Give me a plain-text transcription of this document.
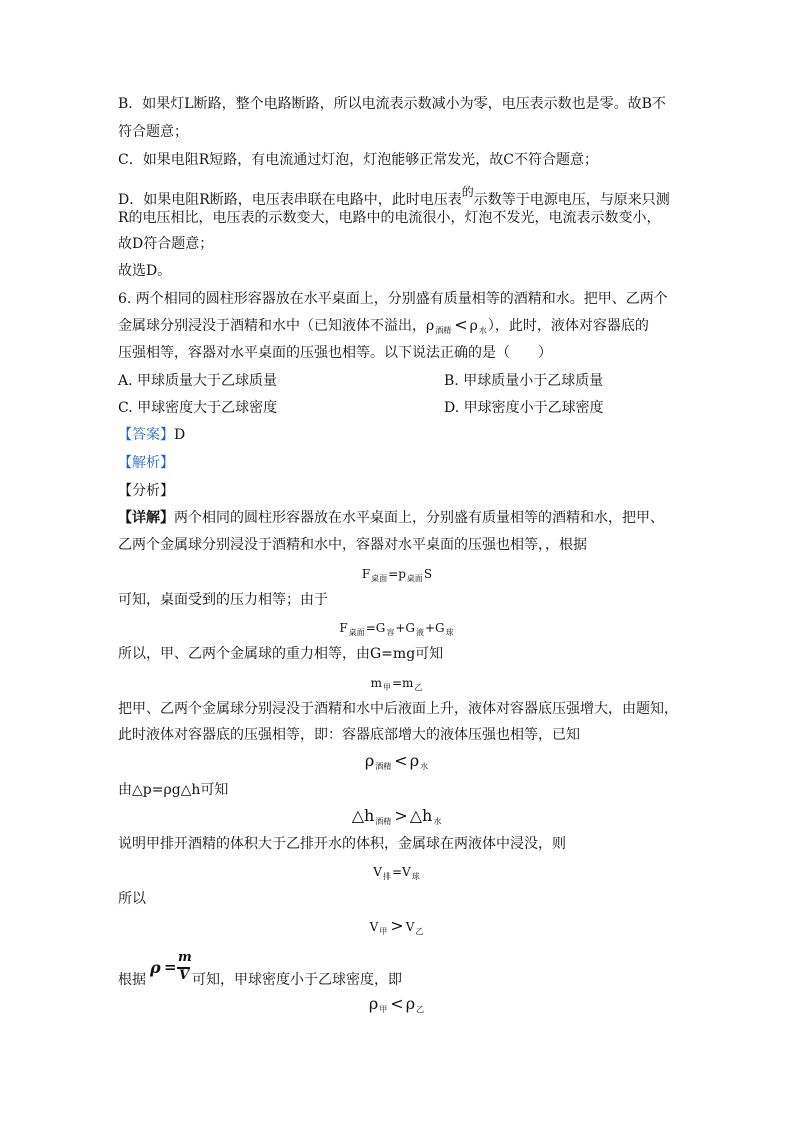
B．如果灯L断路，整个电路断路，所以电流表示数减小为零，电压表示数也是零。故B不
符合题意；
C．如果电阻R短路，有电流通过灯泡，灯泡能够正常发光，故C不符合题意；
D．如果电阻R断路，电压表串联在电路中，此时电压表的示数等于电源电压，与原来只测
R的电压相比，电压表的示数变大，电路中的电流很小，灯泡不发光，电流表示数变小，
故D符合题意；
故选D。
6. 两个相同的圆柱形容器放在水平桌面上，分别盛有质量相等的酒精和水。把甲、乙两个
金属球分别浸没于酒精和水中（已知液体不溢出，$\rho_{酒精} < \rho_水$），此时，液体对容器底的
压强相等，容器对水平桌面的压强也相等。以下说法正确的是（　　）
A. 甲球质量大于乙球质量	B. 甲球质量小于乙球质量
C. 甲球密度大于乙球密度	D. 甲球密度小于乙球密度
【答案】D
【解析】
【分析】
【详解】两个相同的圆柱形容器放在水平桌面上，分别盛有质量相等的酒精和水，把甲、
乙两个金属球分别浸没于酒精和水中，容器对水平桌面的压强也相等，，根据
$F_{桌面}=p_{桌面}S$
可知，桌面受到的压力相等；由于
$F_{桌面}=G_容+G_液+G_球$
所以，甲、乙两个金属球的重力相等，由G=mg可知
$m_甲=m_乙$
把甲、乙两个金属球分别浸没于酒精和水中后液面上升，液体对容器底压强增大，由题知，
此时液体对容器底的压强相等，即：容器底部增大的液体压强也相等，已知
$\rho_{酒精} < \rho_水$
由△p=ρg△h可知
$\triangle h_{酒精}$ > $\triangle h_水$
说明甲排开酒精的体积大于乙排开水的体积，金属球在两液体中浸没，则
$V_排=V_球$
所以
$V_甲 > V_乙$
根据	可知，甲球密度小于乙球密度，即
ρ =
m
V
$\rho_甲 < \rho_乙$
